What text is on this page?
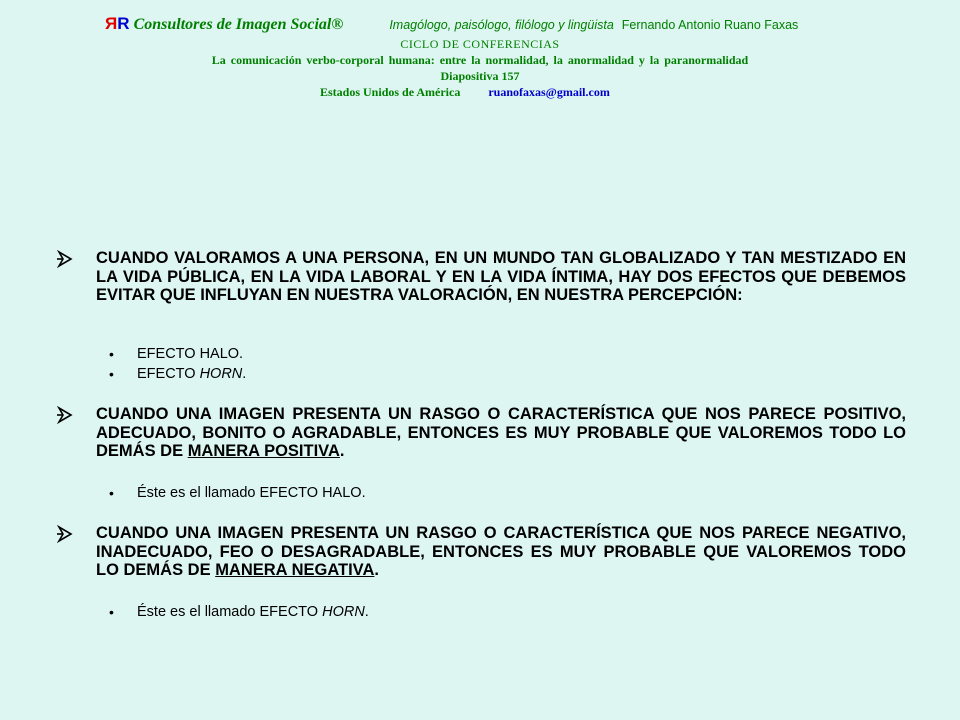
RR Consultores de Imagen Social®	Imagólogo, paisólogo, filólogo y lingüista Fernando Antonio Ruano Faxas
CICLO DE CONFERENCIAS
La comunicación verbo-corporal humana: entre la normalidad, la anormalidad y la paranormalidad
Diapositiva 157
Estados Unidos de América ruanofaxas@gmail.com
CUANDO VALORAMOS A UNA PERSONA, EN UN MUNDO TAN GLOBALIZADO Y TAN MESTIZADO EN LA VIDA PÚBLICA, EN LA VIDA LABORAL Y EN LA VIDA ÍNTIMA, HAY DOS EFECTOS QUE DEBEMOS EVITAR QUE INFLUYAN EN NUESTRA VALORACIÓN, EN NUESTRA PERCEPCIÓN:
• EFECTO HALO.
• EFECTO HORN.
CUANDO UNA IMAGEN PRESENTA UN RASGO O CARACTERÍSTICA QUE NOS PARECE POSITIVO, ADECUADO, BONITO O AGRADABLE, ENTONCES ES MUY PROBABLE QUE VALOREMOS TODO LO DEMÁS DE MANERA POSITIVA.
• Éste es el llamado EFECTO HALO.
CUANDO UNA IMAGEN PRESENTA UN RASGO O CARACTERÍSTICA QUE NOS PARECE NEGATIVO, INADECUADO, FEO O DESAGRADABLE, ENTONCES ES MUY PROBABLE QUE VALOREMOS TODO LO DEMÁS DE MANERA NEGATIVA.
• Éste es el llamado EFECTO HORN.
